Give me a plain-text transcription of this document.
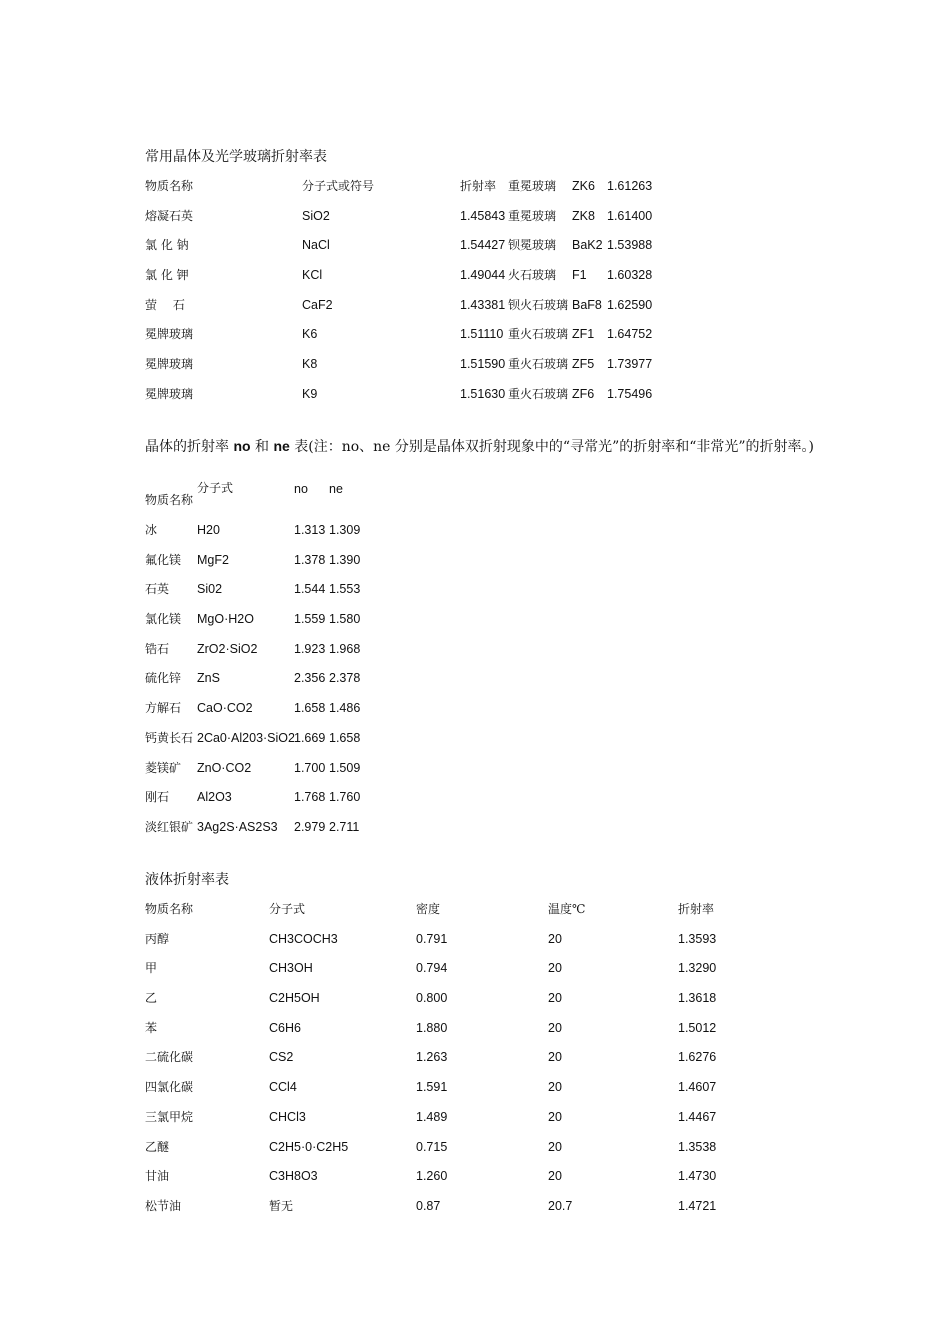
常用晶体及光学玻璃折射率表
物质名称	分子式或符号	折射率 重冕玻璃 ZK6 1.61263
熔凝石英	SiO2	1.45843 重冕玻璃 ZK8 1.61400
氯 化 钠	NaCl	1.54427 钡冕玻璃 BaK2 1.53988
氯 化 钾	KCl	1.49044 火石玻璃 F1 1.60328
萤　 石	CaF2	1.43381 钡火石玻璃 BaF8 1.62590
冕牌玻璃	K6	1.51110 重火石玻璃 ZF1 1.64752
冕牌玻璃	K8	1.51590 重火石玻璃 ZF5 1.73977
冕牌玻璃	K9	1.51630 重火石玻璃 ZF6 1.75496
晶体的折射率 no 和 ne 表(注：no、ne 分别是晶体双折射现象中的“寻常光”的折射率和“非常光”的折射率。)
物质名称
分子式	no ne
冰	H20	1.313 1.309
氟化镁 MgF2	1.378 1.390
石英 Si02	1.544 1.553
氯化镁 MgO·H2O	1.559 1.580
锆石 ZrO2·SiO2	1.923 1.968
硫化锌 ZnS	2.356 2.378
方解石 CaO·CO2	1.658 1.486
钙黄长石 2Ca0·Al203·SiO2 1.669 1.658
菱镁矿 ZnO·CO2	1.700 1.509
刚石 Al2O3	1.768 1.760
淡红银矿 3Ag2S·AS2S3 2.979 2.711
液体折射率表
物质名称	分子式	密度	温度℃	折射率
丙醇	CH3COCH3	0.791	20	1.3593
甲	CH3OH	0.794	20	1.3290
乙	C2H5OH	0.800	20	1.3618
苯	C6H6	1.880	20	1.5012
二硫化碳	CS2	1.263	20	1.6276
四氯化碳	CCl4	1.591	20	1.4607
三氯甲烷	CHCl3	1.489	20	1.4467
乙醚	C2H5·0·C2H5	0.715	20	1.3538
甘油	C3H8O3	1.260	20	1.4730
松节油	暂无	0.87	20.7	1.4721
